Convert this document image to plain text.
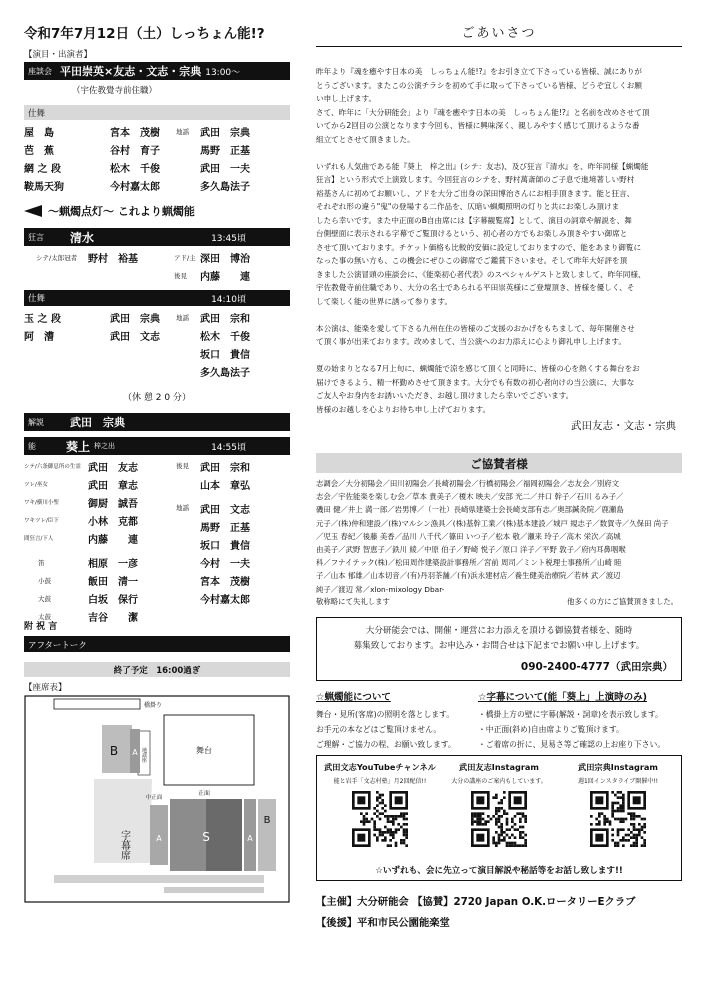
令和7年7月12日（土）しっちょん能!?
【演目・出演者】
座談会 平田崇英×友志・文志・宗典 13:00〜
（宇佐教覺寺前住職）
仕舞
屋　島	宮本　茂樹 地謡 武田　宗典
芭　蕉	谷村　育子	馬野　正基
網 之 段	松木　千俊	武田　一夫
鞍馬天狗	今村嘉太郎	多久島法子
〜蝋燭点灯〜 これより蝋燭能
狂言 清水	13:45頃
シテ/太郎冠者 野村　裕基	アド/主 深田　博治
後見 内藤　　連
仕舞	14:10頃
玉 之 段	武田　宗典 地謡 武田　宗和
阿　漕	武田　文志	松木　千俊
坂口　貴信
多久島法子
（休 憩 2 0 分）
解説 武田　宗典
能	葵上 梓之出	14:55頃
シテ/六条御息所の生霊 武田　友志
ツレ/巫女	武田　章志
ワキ/横川小聖	御厨　誠吾
ワキツレ/臣下	小林　克都
間狂言/下人	内藤　　連
笛	相原　一彦
小鼓	飯田　清一
大鼓	白坂　保行
太鼓	吉谷　　潔
後見 武田　宗和
山本　章弘
地謡 武田　文志
馬野　正基
坂口　貴信
今村　一夫
宮本　茂樹
今村嘉太郎
附 祝 言
アフタートーク
終了予定　16:00過ぎ
【座席表】
橋掛り
舞台
地謡座
B A
字幕席
中正面
A
正面
S	A
B
ごあいさつ

昨年より『魂を癒やす日本の美　しっちょん能!?』をお引き立て下さっている皆様、誠にありが

とうございます。またこの公演チラシを初めて手に取って下さっている皆様、どうぞ宜しくお願

い申し上げます。

さて、昨年に「大分研能会」より『魂を癒やす日本の美　しっちょん能!?』と名前を改めさせて頂

いてから2回目の公演となります今回も、皆様に興味深く、親しみやすく感じて頂けるような番

組立てとさせて頂きました。

いずれも人気曲である能『葵上　梓之出』(シテ：友志)、及び狂言『清水』を、昨年同様【蝋燭能

狂言】という形式で上演致します。今回狂言のシテを、野村萬斎師のご子息で進境著しい野村

裕基さんに初めてお願いし、アドを大分ご出身の深田博治さんにお相手頂きます。能と狂言、

それぞれ形の違う"鬼"の登場する二作品を、仄暗い蝋燭照明の灯りと共にお楽しみ頂けま

したら幸いです。また中正面のB自由席には【字幕観覧席】として、演目の詞章や解説を、舞

台側壁面に表示される字幕でご覧頂けるという、初心者の方でもお楽しみ頂きやすい御席と

させて頂いております。チケット価格も比較的安価に設定しておりますので、能をあまり御覧に

なった事の無い方も、この機会にぜひこの御席でご鑑賞下さいませ。そして昨年大好評を頂

きました公演冒頭の座談会に、《能楽初心者代表》のスペシャルゲストと致しまして、昨年同様、

宇佐教覺寺前住職であり、大分の名士であられる平田崇英様にご登壇頂き、皆様を優しく、そ

して楽しく能の世界に誘って参ります。

本公演は、能楽を愛して下さる九州在住の皆様のご支援のおかげをもちまして、毎年開催させ

て頂く事が出来ております。改めまして、当公演へのお力添えに心より御礼申し上げます。

夏の始まりとなる7月上旬に、蝋燭能で涼を感じて頂くと同時に、皆様の心を熱くする舞台をお

届けできるよう、精一杯勤めさせて頂きます。大分でも有数の初心者向けの当公演に、大事な

ご友人やお身内をお誘いいただき、お越し頂けましたら幸いでございます。

皆様のお越しを心よりお待ち申し上げております。

武田友志・文志・宗典
ご協賛者様

志調会／大分初陽会／田川初陽会／長崎初陽会／行橋初陽会／福岡初陽会／志友会／別府文

志会／宇佐能楽を楽しむ会／草本 貴美子／榎木 映夫／安部 光二／井口 幹子／石川 るみ子／

磯田 健／井上 満一郎／岩男博／（一社）長崎県建築士会長崎支部有志／奥部鍼灸院／鹿瀬島

元子／(株)仲和建設／(株)マルシン漁具／(株)基幹工業／(株)基本建設／城戸 規志子／数賀寺／久保田 尚子

／児玉 春紀／後藤 美香／品川 八千代／篠田 いつ子／松本 敬／瀬来 玲子／高木 栄次／高城

由美子／武野 智恵子／鉄川 綾／中原 伯子／野崎 悦子／原口 洋子／平野 敦子／府内耳鼻咽喉

科／フナイテック(株)／松田周作建築設計事務所／宮前 周司／ミント税理士事務所／山崎 睦

子／山本 郁雄／山本切音／(有)丹羽茶舗／(有)浜永建材店／養生健美治療院／若林 武／渡辺

純子／渡辺 常／xlon-mixology Dbar-

敬称略にて失礼します	他多くの方にご協賛頂きました。
大分研能会では、開催・運営にお力添えを頂ける御協賛者様を、随時
募集致しております。お申込み・お問合せは下記までお願い申し上げます。
090-2400-4777（武田宗典）
☆蝋燭能について
舞台・見所(客席)の照明を落とします。
お手元の本などはご覧頂けません。
ご理解・ご協力の程、お願い致します。
☆字幕について(能「葵上」上演時のみ)
・橋掛上方の壁に字幕(解説・詞章)を表示致します。
・中正面(斜め)自由席よりご覧頂けます。
・ご着席の折に、見易さ等ご確認の上お座り下さい。
武田文志YouTubeチャンネル
能と岩手「文志村塾」月2回配信!!
武田友志Instagram
大分の講座のご案内もしています。
武田宗典Instagram
週1回インスタライブ開催中!!
☆いずれも、会に先立って演目解説や秘話等をお話し致します!!
【主催】大分研能会 【協賛】2720 Japan O.K.ロータリーEクラブ
【後援】平和市民公園能楽堂
